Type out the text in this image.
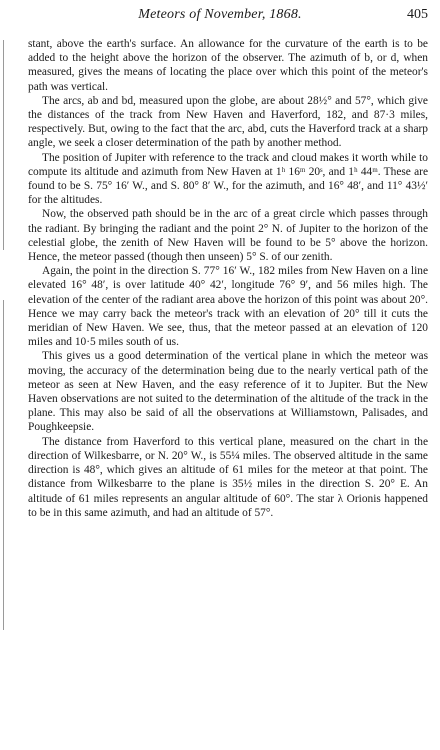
Meteors of November, 1868.	405

stant, above the earth's surface. An allowance for the curvature of the earth is to be added to the height above the horizon of the observer. The azimuth of b, or d, when measured, gives the means of locating the place over which this point of the meteor's path was vertical.

The arcs, ab and bd, measured upon the globe, are about 28½° and 57°, which give the distances of the track from New Haven and Haverford, 182, and 87·3 miles, respectively. But, owing to the fact that the arc, abd, cuts the Haverford track at a sharp angle, we seek a closer determination of the path by another method.

The position of Jupiter with reference to the track and cloud makes it worth while to compute its altitude and azimuth from New Haven at 1ʰ 16ᵐ 20ˢ, and 1ʰ 44ᵐ. These are found to be S. 75° 16′ W., and S. 80° 8′ W., for the azimuth, and 16° 48′, and 11° 43½′ for the altitudes.

Now, the observed path should be in the arc of a great circle which passes through the radiant. By bringing the radiant and the point 2° N. of Jupiter to the horizon of the celestial globe, the zenith of New Haven will be found to be 5° above the horizon. Hence, the meteor passed (though then unseen) 5° S. of our zenith.

Again, the point in the direction S. 77° 16′ W., 182 miles from New Haven on a line elevated 16° 48′, is over latitude 40° 42′, longitude 76° 9′, and 56 miles high. The elevation of the center of the radiant area above the horizon of this point was about 20°. Hence we may carry back the meteor's track with an elevation of 20° till it cuts the meridian of New Haven. We see, thus, that the meteor passed at an elevation of 120 miles and 10·5 miles south of us.

This gives us a good determination of the vertical plane in which the meteor was moving, the accuracy of the determination being due to the nearly vertical path of the meteor as seen at New Haven, and the easy reference of it to Jupiter. But the New Haven observations are not suited to the determination of the altitude of the track in the plane. This may also be said of all the observations at Williamstown, Palisades, and Poughkeepsie.

The distance from Haverford to this vertical plane, measured on the chart in the direction of Wilkesbarre, or N. 20° W., is 55¼ miles. The observed altitude in the same direction is 48°, which gives an altitude of 61 miles for the meteor at that point. The distance from Wilkesbarre to the plane is 35½ miles in the direction S. 20° E. An altitude of 61 miles represents an angular altitude of 60°. The star λ Orionis happened to be in this same azimuth, and had an altitude of 57°.
